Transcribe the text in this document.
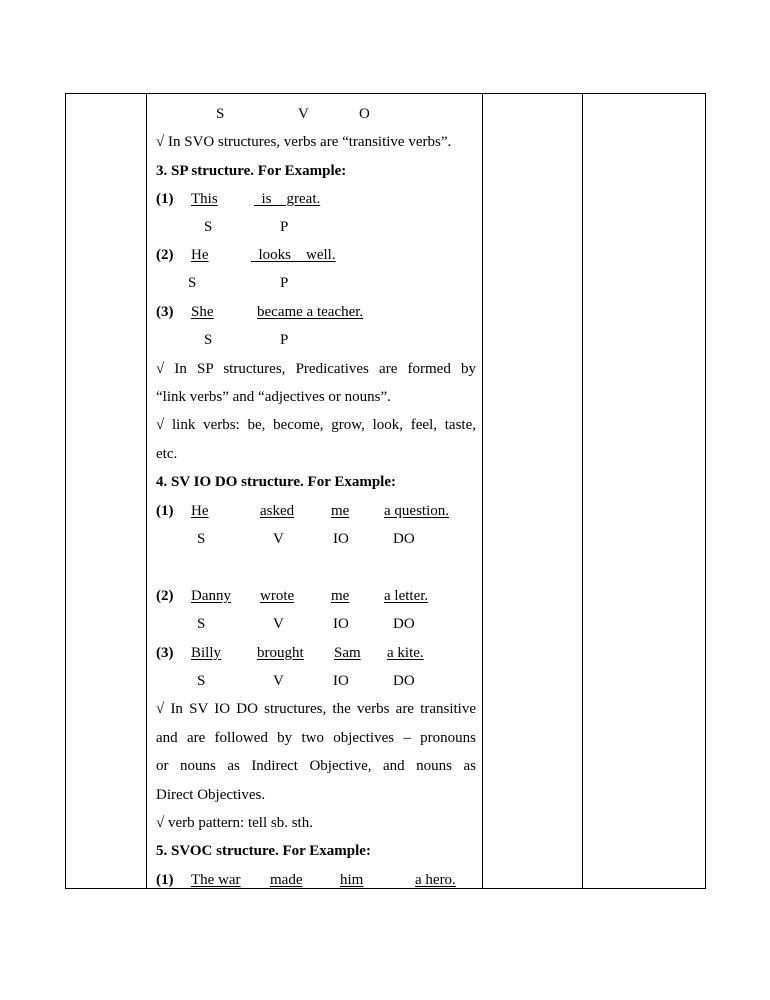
S	V	O
√ In SVO structures, verbs are “transitive verbs”.
3. SP structure. For Example:
(1) This is    great.
S	P
(2) He	looks    well.
S	P
(3) She	became a teacher.
S	P
√ In SP structures, Predicatives are formed by
“link verbs” and “adjectives or nouns”.
√ link verbs: be, become, grow, look, feel, taste,
etc.
4. SV IO DO structure. For Example:
(1) He	asked me a question.
S	V	IO	DO
(2) Danny wrote me a letter.
S	V	IO	DO
(3) Billy brought Sam a kite.
S	V	IO	DO
√ In SV IO DO structures, the verbs are transitive
and are followed by two objectives – pronouns
or nouns as Indirect Objective, and nouns as
Direct Objectives.
√ verb pattern: tell sb. sth.
5. SVOC structure. For Example:
(1) The war made	him	a hero.
